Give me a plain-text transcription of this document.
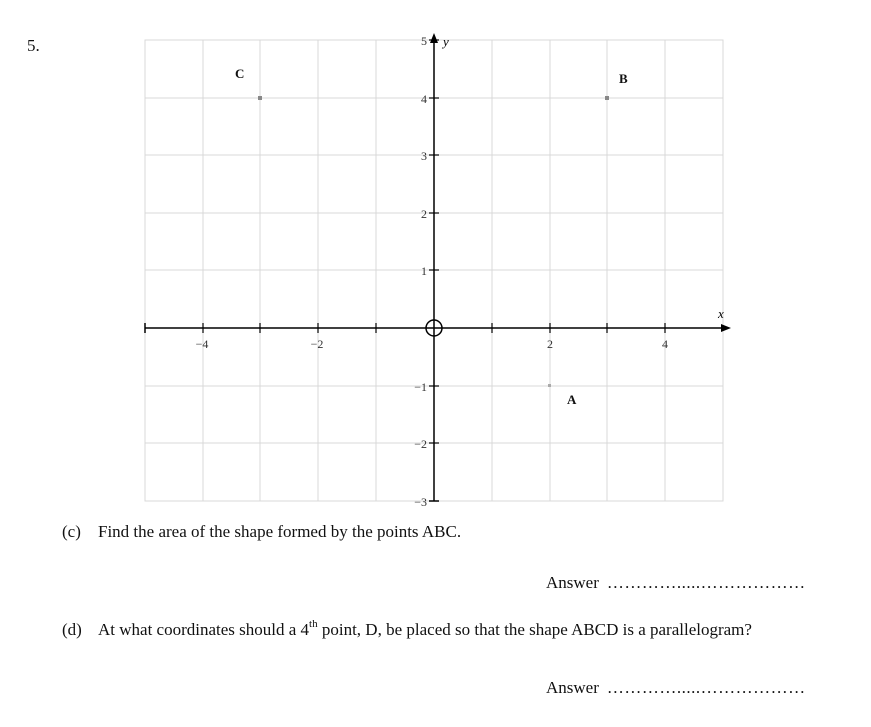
5.
x
y
−4	−2	2	4
5
4
3
2
1
−1
−2
−3
C	B
A
(c) Find the area of the shape formed by the points ABC.
Answer ………….....………………
(d) At what coordinates should a 4th point, D, be placed so that the shape ABCD is a parallelogram?
Answer ………….....………………
